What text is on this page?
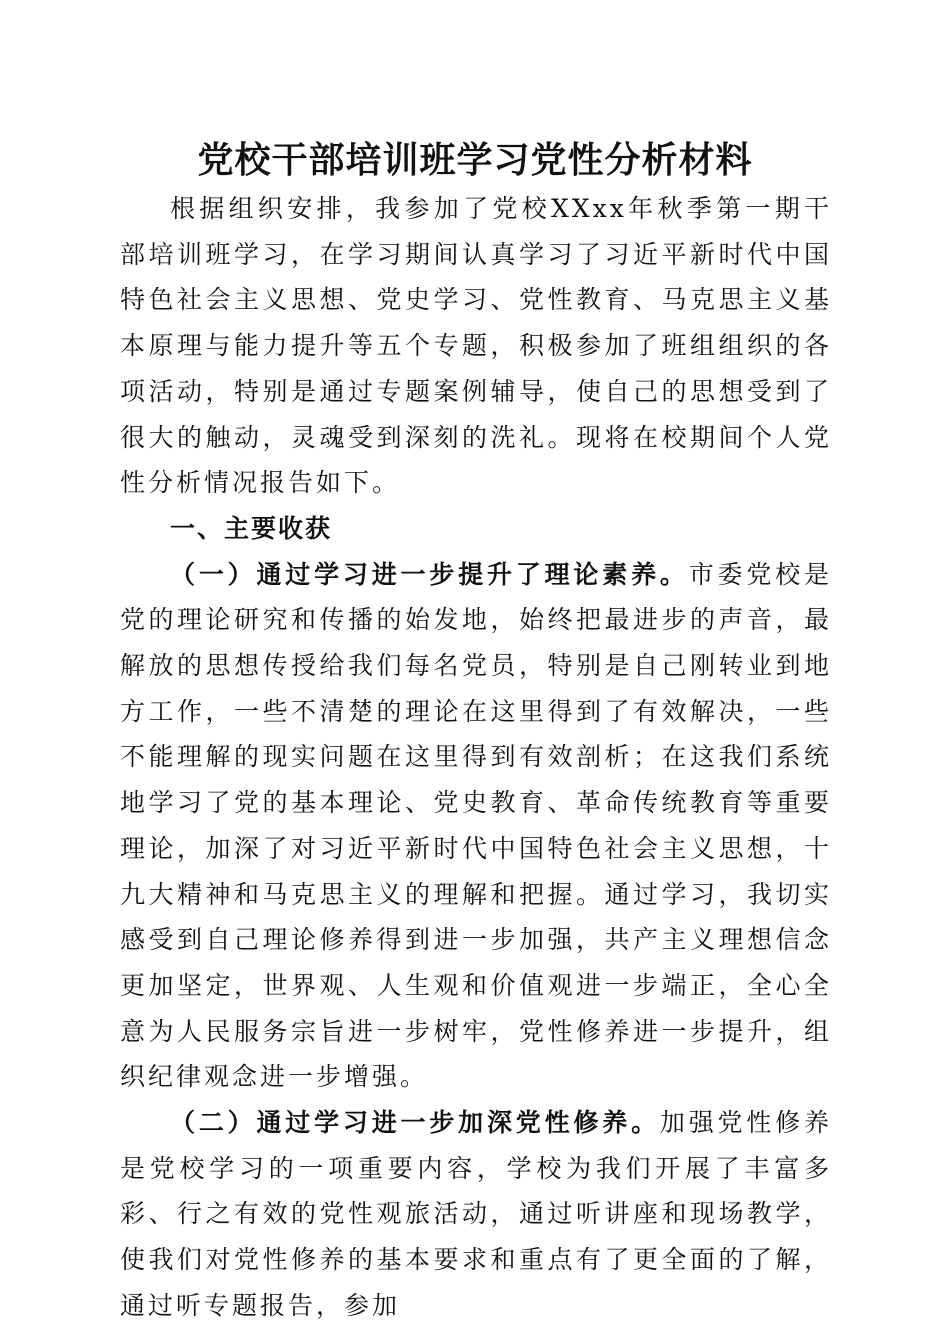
党校干部培训班学习党性分析材料

根据组织安排，我参加了党校XXxx年秋季第一期干部培训班学习，在学习期间认真学习了习近平新时代中国特色社会主义思想、党史学习、党性教育、马克思主义基本原理与能力提升等五个专题，积极参加了班组组织的各项活动，特别是通过专题案例辅导，使自己的思想受到了很大的触动，灵魂受到深刻的洗礼。现将在校期间个人党性分析情况报告如下。

一、主要收获

（一）通过学习进一步提升了理论素养。市委党校是党的理论研究和传播的始发地，始终把最进步的声音，最解放的思想传授给我们每名党员，特别是自己刚转业到地方工作，一些不清楚的理论在这里得到了有效解决，一些不能理解的现实问题在这里得到有效剖析；在这我们系统地学习了党的基本理论、党史教育、革命传统教育等重要理论，加深了对习近平新时代中国特色社会主义思想，十九大精神和马克思主义的理解和把握。通过学习，我切实感受到自己理论修养得到进一步加强，共产主义理想信念更加坚定，世界观、人生观和价值观进一步端正，全心全意为人民服务宗旨进一步树牢，党性修养进一步提升，组织纪律观念进一步增强。

（二）通过学习进一步加深党性修养。加强党性修养是党校学习的一项重要内容，学校为我们开展了丰富多彩、行之有效的党性观旅活动，通过听讲座和现场教学，使我们对党性修养的基本要求和重点有了更全面的了解，通过听专题报告，参加
